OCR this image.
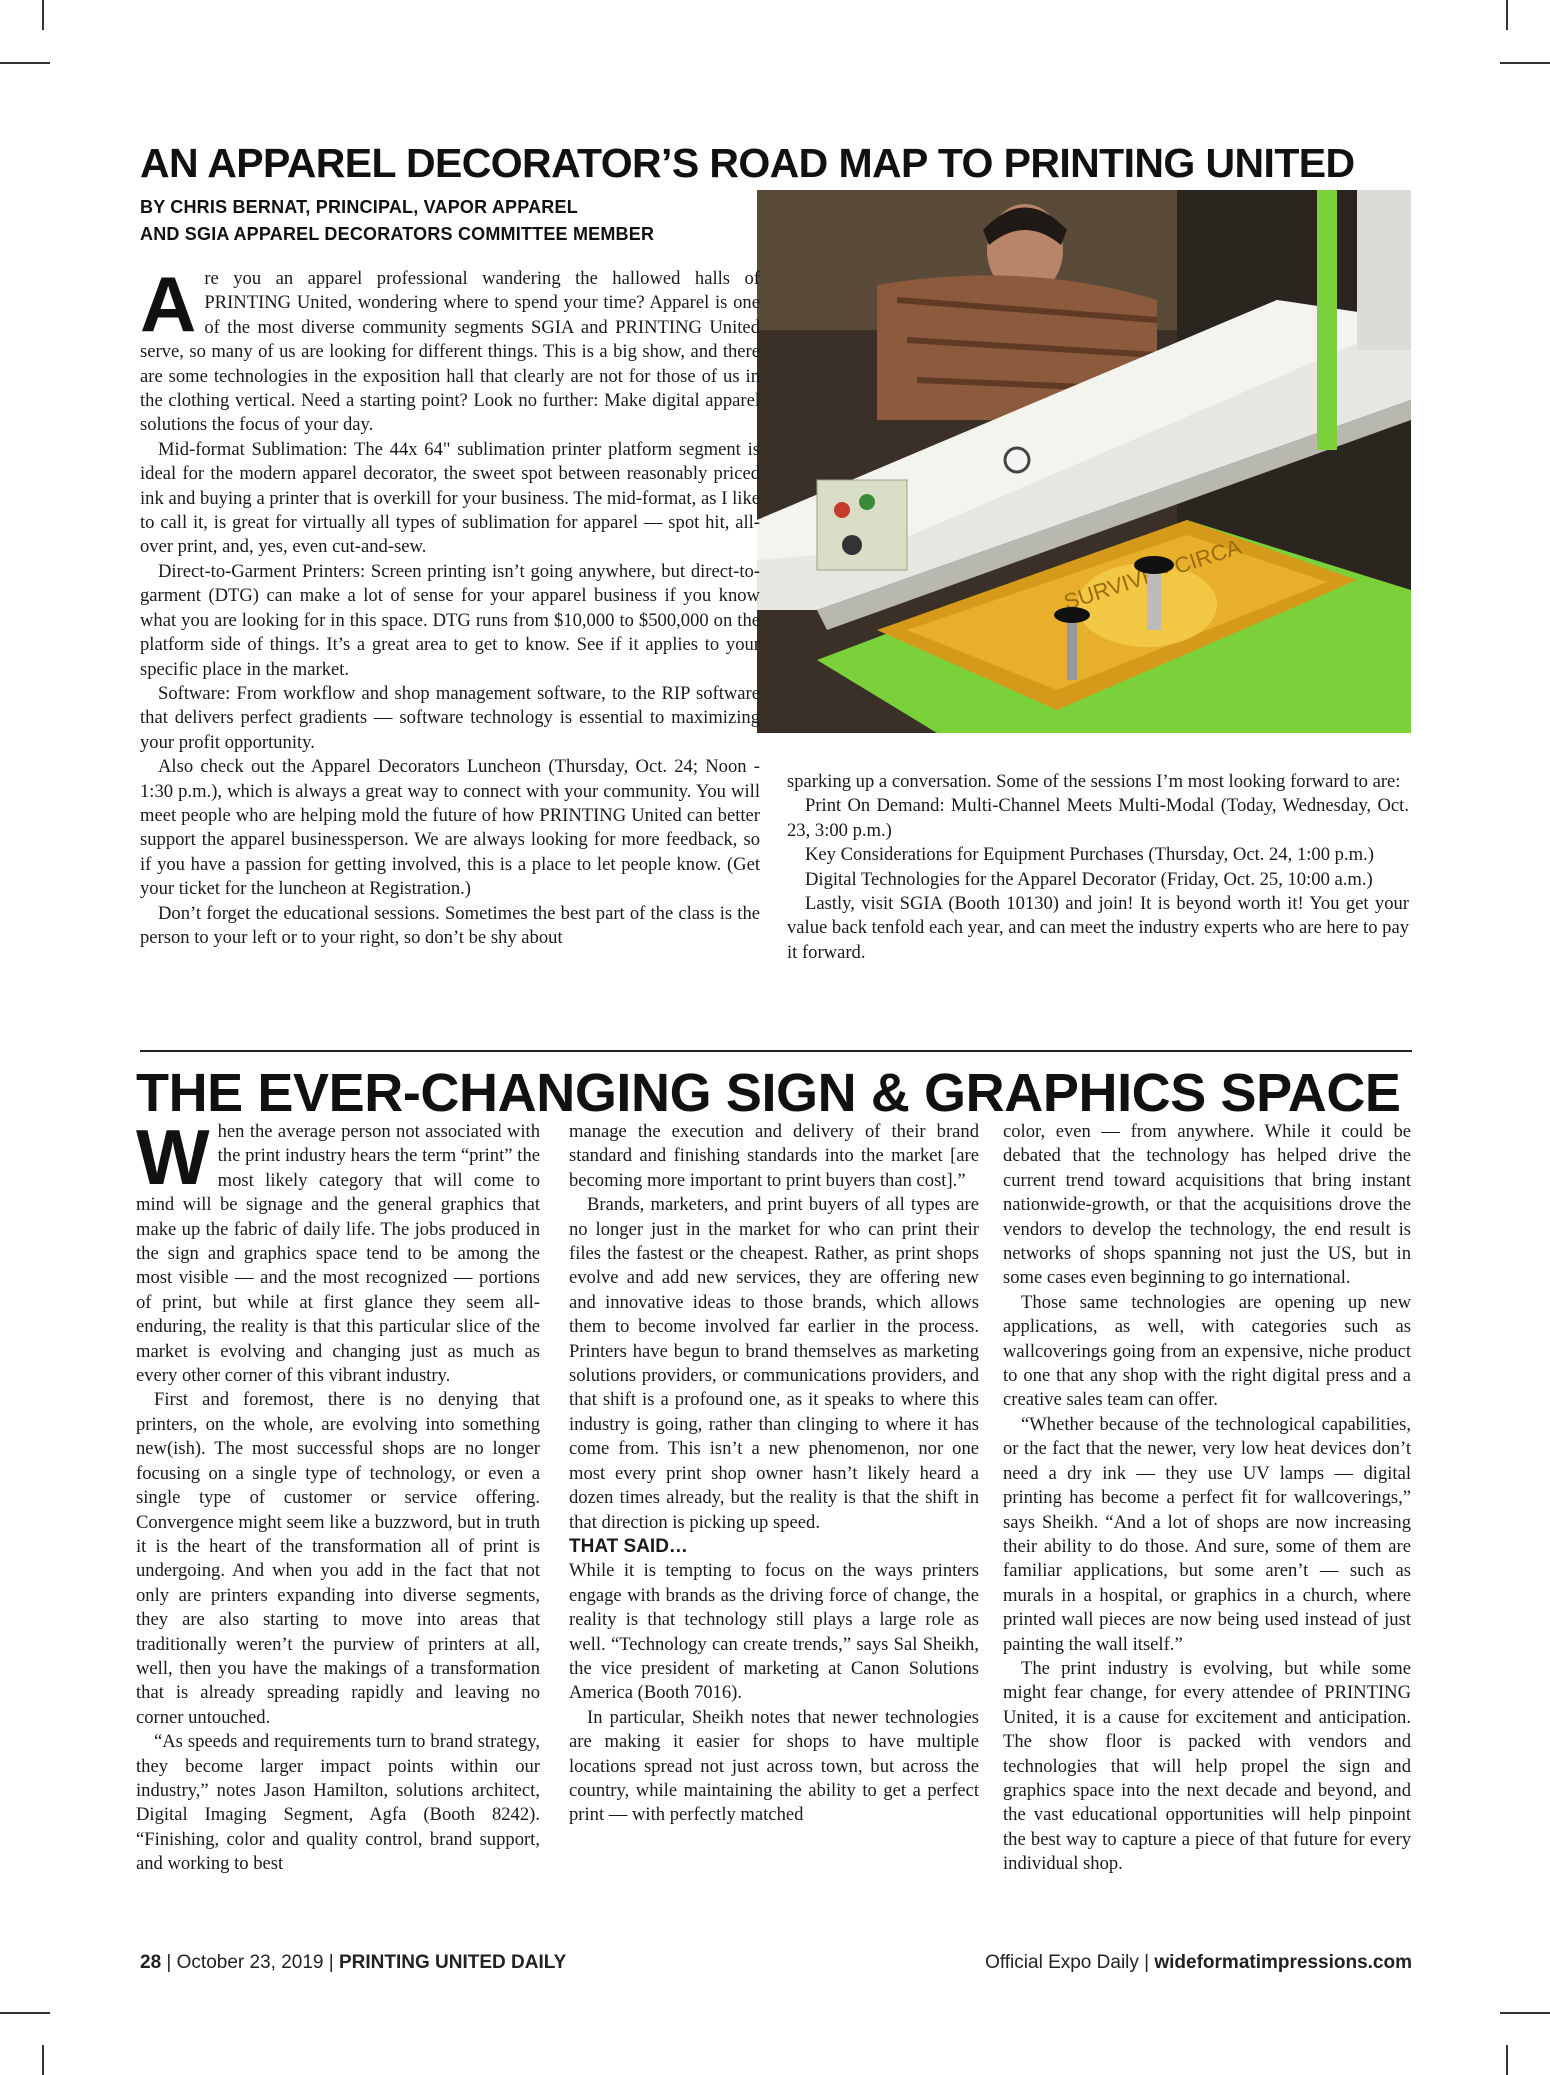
AN APPAREL DECORATOR’S ROAD MAP TO PRINTING UNITED
BY CHRIS BERNAT, PRINCIPAL, VAPOR APPAREL
AND SGIA APPAREL DECORATORS COMMITTEE MEMBER
SURVIVE CIRCA

Are you an apparel professional wandering the hallowed halls of PRINTING United, wondering where to spend your time? Apparel is one of the most diverse community segments SGIA and PRINTING United serve, so many of us are looking for different things. This is a big show, and there are some technologies in the exposition hall that clearly are not for those of us in the clothing vertical. Need a starting point? Look no further: Make digital apparel solutions the focus of your day.

Mid-format Sublimation: The 44x 64" sublimation printer platform segment is ideal for the modern apparel decorator, the sweet spot between reasonably priced ink and buying a printer that is overkill for your business. The mid-format, as I like to call it, is great for virtually all types of sublimation for apparel — spot hit, all-over print, and, yes, even cut-and-sew.

Direct-to-Garment Printers: Screen printing isn’t going anywhere, but direct-to-garment (DTG) can make a lot of sense for your apparel business if you know what you are looking for in this space. DTG runs from $10,000 to $500,000 on the platform side of things. It’s a great area to get to know. See if it applies to your specific place in the market.

Software: From workflow and shop management software, to the RIP software that delivers perfect gradients — software technology is essential to maximizing your profit opportunity.

Also check out the Apparel Decorators Luncheon (Thursday, Oct. 24; Noon - 1:30 p.m.), which is always a great way to connect with your community. You will meet people who are helping mold the future of how PRINTING United can better support the apparel businessperson. We are always looking for more feedback, so if you have a passion for getting involved, this is a place to let people know. (Get your ticket for the luncheon at Registration.)

Don’t forget the educational sessions. Sometimes the best part of the class is the person to your left or to your right, so don’t be shy about

sparking up a conversation. Some of the sessions I’m most looking forward to are:

Print On Demand: Multi-Channel Meets Multi-Modal (Today, Wednesday, Oct. 23, 3:00 p.m.)

Key Considerations for Equipment Purchases (Thursday, Oct. 24, 1:00 p.m.)

Digital Technologies for the Apparel Decorator (Friday, Oct. 25, 10:00 a.m.)

Lastly, visit SGIA (Booth 10130) and join! It is beyond worth it! You get your value back tenfold each year, and can meet the industry experts who are here to pay it forward.

THE EVER-CHANGING SIGN & GRAPHICS SPACE

When the average person not associated with the print industry hears the term “print” the most likely category that will come to mind will be signage and the general graphics that make up the fabric of daily life. The jobs produced in the sign and graphics space tend to be among the most visible — and the most recognized — portions of print, but while at first glance they seem all-enduring, the reality is that this particular slice of the market is evolving and changing just as much as every other corner of this vibrant industry.

First and foremost, there is no denying that printers, on the whole, are evolving into something new(ish). The most successful shops are no longer focusing on a single type of technology, or even a single type of customer or service offering. Convergence might seem like a buzzword, but in truth it is the heart of the transformation all of print is undergoing. And when you add in the fact that not only are printers expanding into diverse segments, they are also starting to move into areas that traditionally weren’t the purview of printers at all, well, then you have the makings of a transformation that is already spreading rapidly and leaving no corner untouched.

“As speeds and requirements turn to brand strategy, they become larger impact points within our industry,” notes Jason Hamilton, solutions architect, Digital Imaging Segment, Agfa (Booth 8242). “Finishing, color and quality control, brand support, and working to best

manage the execution and delivery of their brand standard and finishing standards into the market [are becoming more important to print buyers than cost].”

Brands, marketers, and print buyers of all types are no longer just in the market for who can print their files the fastest or the cheapest. Rather, as print shops evolve and add new services, they are offering new and innovative ideas to those brands, which allows them to become involved far earlier in the process. Printers have begun to brand themselves as marketing solutions providers, or communications providers, and that shift is a profound one, as it speaks to where this industry is going, rather than clinging to where it has come from. This isn’t a new phenomenon, nor one most every print shop owner hasn’t likely heard a dozen times already, but the reality is that the shift in that direction is picking up speed.

THAT SAID…

While it is tempting to focus on the ways printers engage with brands as the driving force of change, the reality is that technology still plays a large role as well. “Technology can create trends,” says Sal Sheikh, the vice president of marketing at Canon Solutions America (Booth 7016).

In particular, Sheikh notes that newer technologies are making it easier for shops to have multiple locations spread not just across town, but across the country, while maintaining the ability to get a perfect print — with perfectly matched

color, even — from anywhere. While it could be debated that the technology has helped drive the current trend toward acquisitions that bring instant nationwide-growth, or that the acquisitions drove the vendors to develop the technology, the end result is networks of shops spanning not just the US, but in some cases even beginning to go international.

Those same technologies are opening up new applications, as well, with categories such as wallcoverings going from an expensive, niche product to one that any shop with the right digital press and a creative sales team can offer.

“Whether because of the technological capabilities, or the fact that the newer, very low heat devices don’t need a dry ink — they use UV lamps — digital printing has become a perfect fit for wallcoverings,” says Sheikh. “And a lot of shops are now increasing their ability to do those. And sure, some of them are familiar applications, but some aren’t — such as murals in a hospital, or graphics in a church, where printed wall pieces are now being used instead of just painting the wall itself.”

The print industry is evolving, but while some might fear change, for every attendee of PRINTING United, it is a cause for excitement and anticipation. The show floor is packed with vendors and technologies that will help propel the sign and graphics space into the next decade and beyond, and the vast educational opportunities will help pinpoint the best way to capture a piece of that future for every individual shop.

28 | October 23, 2019 | PRINTING UNITED DAILY	Official Expo Daily | wideformatimpressions.com
